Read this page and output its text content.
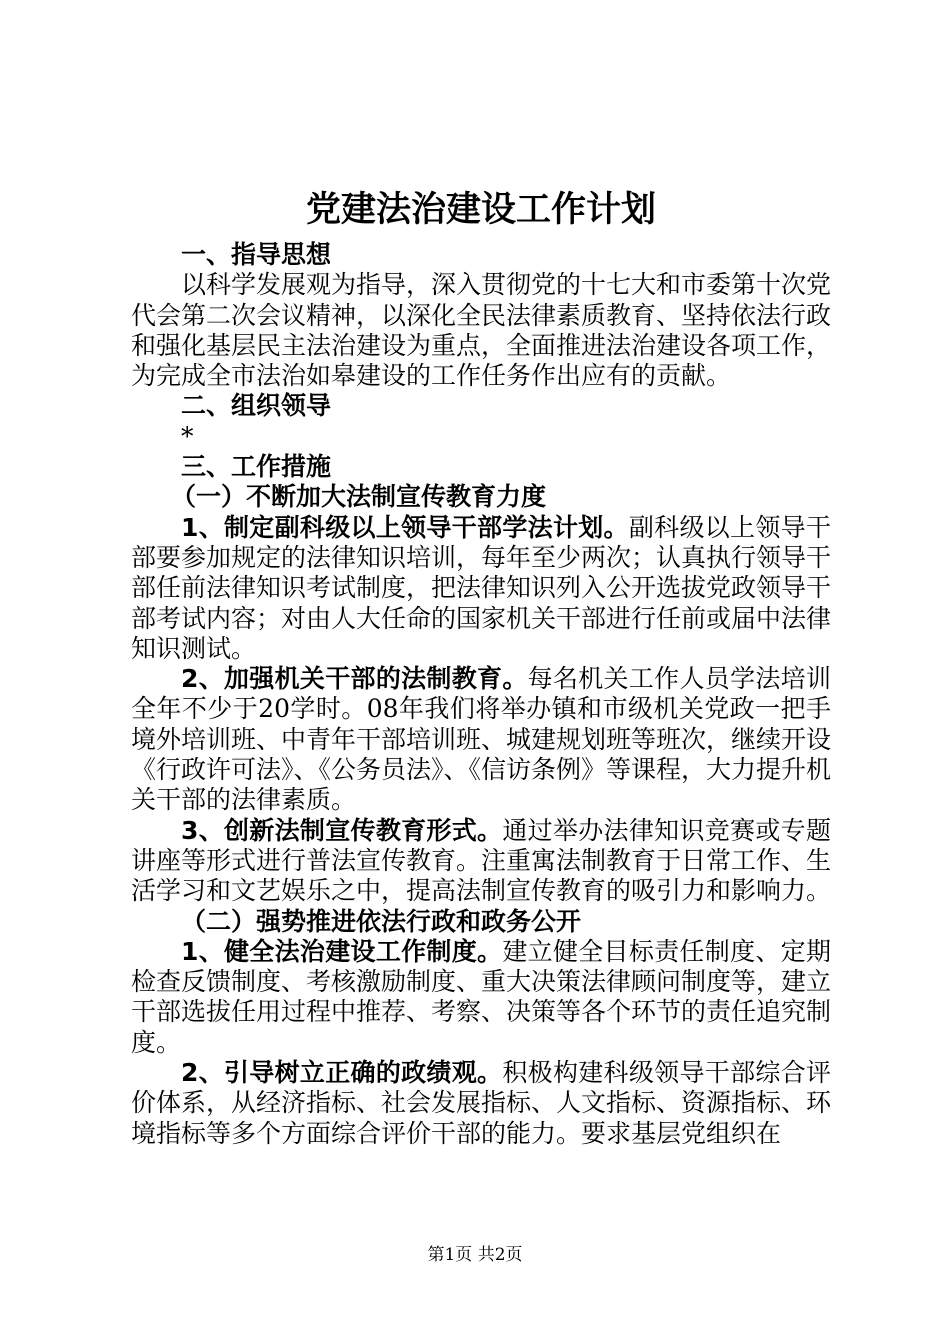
党建法治建设工作计划

一、指导思想

以科学发展观为指导，深入贯彻党的十七大和市委第十次党代会第二次会议精神，以深化全民法律素质教育、坚持依法行政和强化基层民主法治建设为重点，全面推进法治建设各项工作，为完成全市法治如皋建设的工作任务作出应有的贡献。

二、组织领导

*

三、工作措施

（一）不断加大法制宣传教育力度

1、制定副科级以上领导干部学法计划。副科级以上领导干部要参加规定的法律知识培训，每年至少两次；认真执行领导干部任前法律知识考试制度，把法律知识列入公开选拔党政领导干部考试内容；对由人大任命的国家机关干部进行任前或届中法律知识测试。

2、加强机关干部的法制教育。每名机关工作人员学法培训全年不少于20学时。08年我们将举办镇和市级机关党政一把手境外培训班、中青年干部培训班、城建规划班等班次，继续开设《行政许可法》、《公务员法》、《信访条例》等课程，大力提升机关干部的法律素质。

3、创新法制宣传教育形式。通过举办法律知识竞赛或专题讲座等形式进行普法宣传教育。注重寓法制教育于日常工作、生活学习和文艺娱乐之中，提高法制宣传教育的吸引力和影响力。

（二）强势推进依法行政和政务公开

1、健全法治建设工作制度。建立健全目标责任制度、定期检查反馈制度、考核激励制度、重大决策法律顾问制度等，建立干部选拔任用过程中推荐、考察、决策等各个环节的责任追究制度。

2、引导树立正确的政绩观。积极构建科级领导干部综合评价体系，从经济指标、社会发展指标、人文指标、资源指标、环境指标等多个方面综合评价干部的能力。要求基层党组织在

第1页 共2页
